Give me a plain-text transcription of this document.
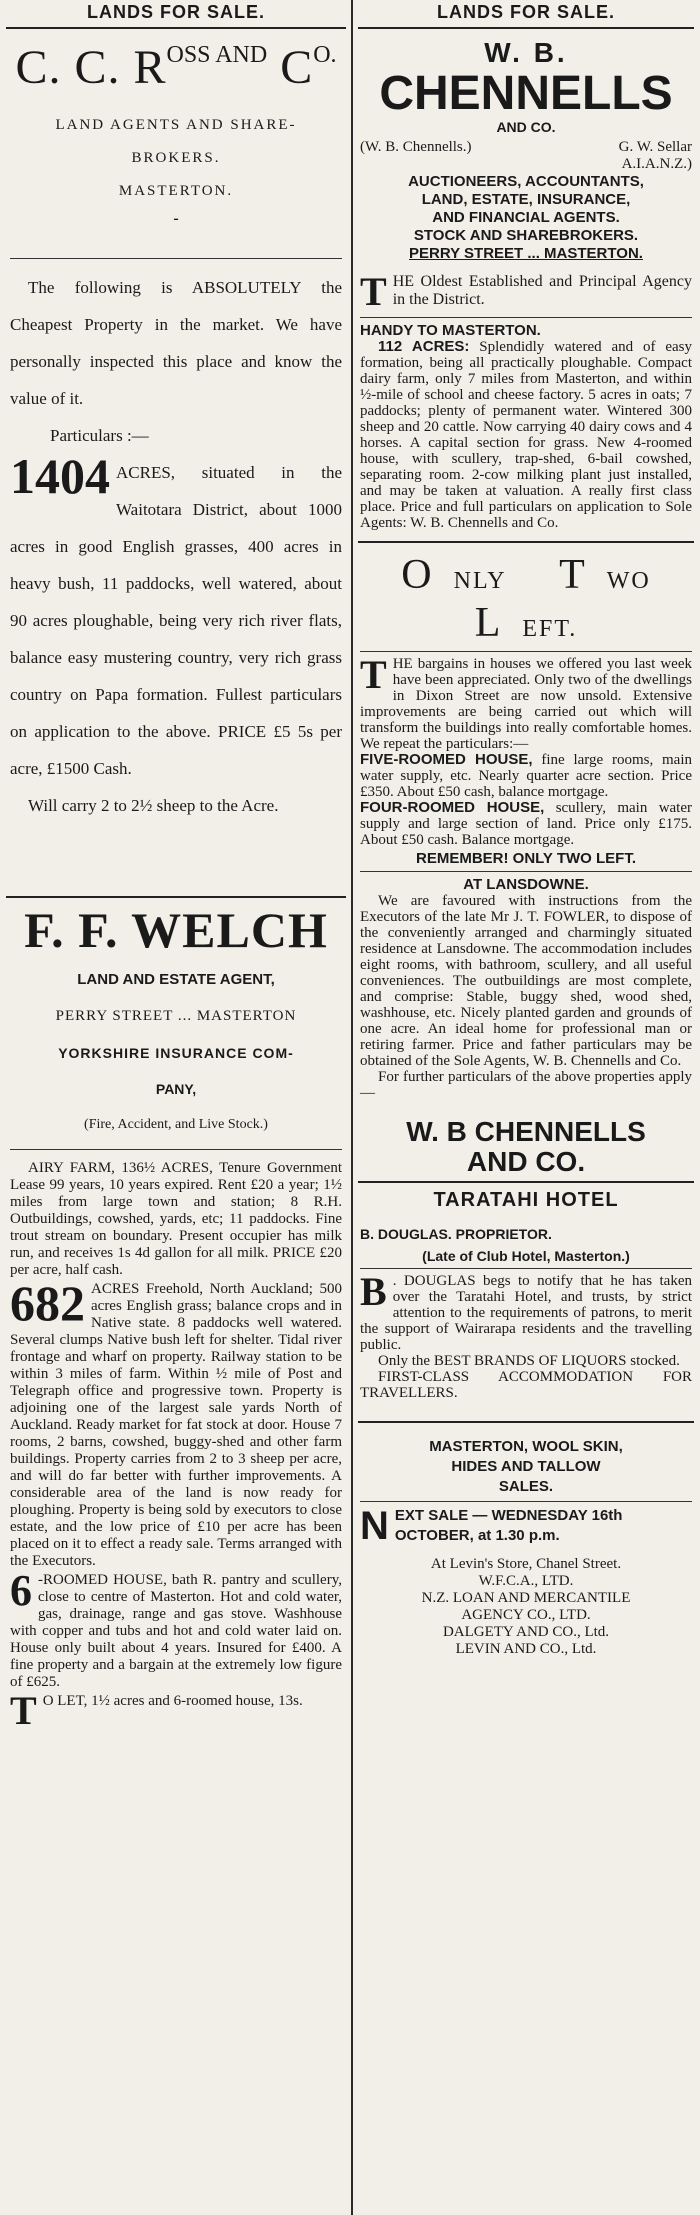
LANDS FOR SALE.
C. C. $R^{OSS AND}$ $C^{O.}$

LAND AGENTS AND SHARE-

BROKERS.

MASTERTON.

-

The following is ABSOLUTELY the Cheapest Property in the market. We have personally inspected this place and know the value of it.

Particulars :—

1404 ACRES, situated in the Waitotara District, about 1000 acres in good English grasses, 400 acres in heavy bush, 11 paddocks, well watered, about 90 acres ploughable, being very rich river flats, balance easy mustering country, very rich grass country on Papa formation. Fullest particulars on application to the above. PRICE £5 5s per acre, £1500 Cash.

Will carry 2 to 2½ sheep to the Acre.

F. F. WELCH

LAND AND ESTATE AGENT,

PERRY STREET ... MASTERTON

YORKSHIRE INSURANCE COM-

PANY,

(Fire, Accident, and Live Stock.)

AIRY FARM, 136½ ACRES, Tenure Government Lease 99 years, 10 years expired. Rent £20 a year; 1½ miles from large town and station; 8 R.H. Outbuildings, cowshed, yards, etc; 11 paddocks. Fine trout stream on boundary. Present occupier has milk run, and receives 1s 4d gallon for all milk. PRICE £20 per acre, half cash.

682 ACRES Freehold, North Auckland; 500 acres English grass; balance crops and in Native state. 8 paddocks well watered. Several clumps Native bush left for shelter. Tidal river frontage and wharf on property. Railway station to be within 3 miles of farm. Within ½ mile of Post and Telegraph office and progressive town. Property is adjoining one of the largest sale yards North of Auckland. Ready market for fat stock at door. House 7 rooms, 2 barns, cowshed, buggy-shed and other farm buildings. Property carries from 2 to 3 sheep per acre, and will do far better with further improvements. A considerable area of the land is now ready for ploughing. Property is being sold by executors to close estate, and the low price of £10 per acre has been placed on it to effect a ready sale. Terms arranged with the Executors.

6 -ROOMED HOUSE, bath R. pantry and scullery, close to centre of Masterton. Hot and cold water, gas, drainage, range and gas stove. Washhouse with copper and tubs and hot and cold water laid on. House only built about 4 years. Insured for £400. A fine property and a bargain at the extremely low figure of £625.

T O LET, 1½ acres and 6-roomed house, 13s.

LANDS FOR SALE.
W. B.
CHENNELLS
AND CO.
(W. B. Chennells.)	G. W. Sellar
A.I.A.N.Z.)

AUCTIONEERS, ACCOUNTANTS,

LAND, ESTATE, INSURANCE,

AND FINANCIAL AGENTS.

STOCK AND SHAREBROKERS.

PERRY STREET ... MASTERTON.

THE Oldest Established and Principal Agency in the District.

HANDY TO MASTERTON.

112 ACRES: Splendidly watered and of easy formation, being all practically ploughable. Compact dairy farm, only 7 miles from Masterton, and within ½-mile of school and cheese factory. 5 acres in oats; 7 paddocks; plenty of permanent water. Wintered 300 sheep and 20 cattle. Now carrying 40 dairy cows and 4 horses. A capital section for grass. New 4-roomed house, with scullery, trap-shed, 6-bail cowshed, separating room. 2-cow milking plant just installed, and may be taken at valuation. A really first class place. Price and full particulars on application to Sole Agents: W. B. Chennells and Co.

O NLY T WO L EFT.

THE bargains in houses we offered you last week have been appreciated. Only two of the dwellings in Dixon Street are now unsold. Extensive improvements are being carried out which will transform the buildings into really comfortable homes. We repeat the particulars:—

FIVE-ROOMED HOUSE, fine large rooms, main water supply, etc. Nearly quarter acre section. Price £350. About £50 cash, balance mortgage.

FOUR-ROOMED HOUSE, scullery, main water supply and large section of land. Price only £175. About £50 cash. Balance mortgage.

REMEMBER! ONLY TWO LEFT.

AT LANSDOWNE.

We are favoured with instructions from the Executors of the late Mr J. T. FOWLER, to dispose of the conveniently arranged and charmingly situated residence at Lansdowne. The accommodation includes eight rooms, with bathroom, scullery, and all useful conveniences. The outbuildings are most complete, and comprise: Stable, buggy shed, wood shed, washhouse, etc. Nicely planted garden and grounds of one acre. An ideal home for professional man or retiring farmer. Price and father particulars may be obtained of the Sole Agents, W. B. Chennells and Co.

For further particulars of the above properties apply—

W. B CHENNELLS
AND CO.
TARATAHI HOTEL

B. DOUGLAS. PROPRIETOR.

(Late of Club Hotel, Masterton.)

B . DOUGLAS begs to notify that he has taken over the Taratahi Hotel, and trusts, by strict attention to the requirements of patrons, to merit the support of Wairarapa residents and the travelling public.

Only the BEST BRANDS OF LIQUORS stocked.

FIRST-CLASS ACCOMMODATION FOR TRAVELLERS.

MASTERTON, WOOL SKIN,

HIDES AND TALLOW

SALES.

NEXT SALE — WEDNESDAY 16th OCTOBER, at 1.30 p.m.

At Levin's Store, Chanel Street.

W.F.C.A., LTD.

N.Z. LOAN AND MERCANTILE

AGENCY CO., LTD.

DALGETY AND CO., Ltd.

LEVIN AND CO., Ltd.
